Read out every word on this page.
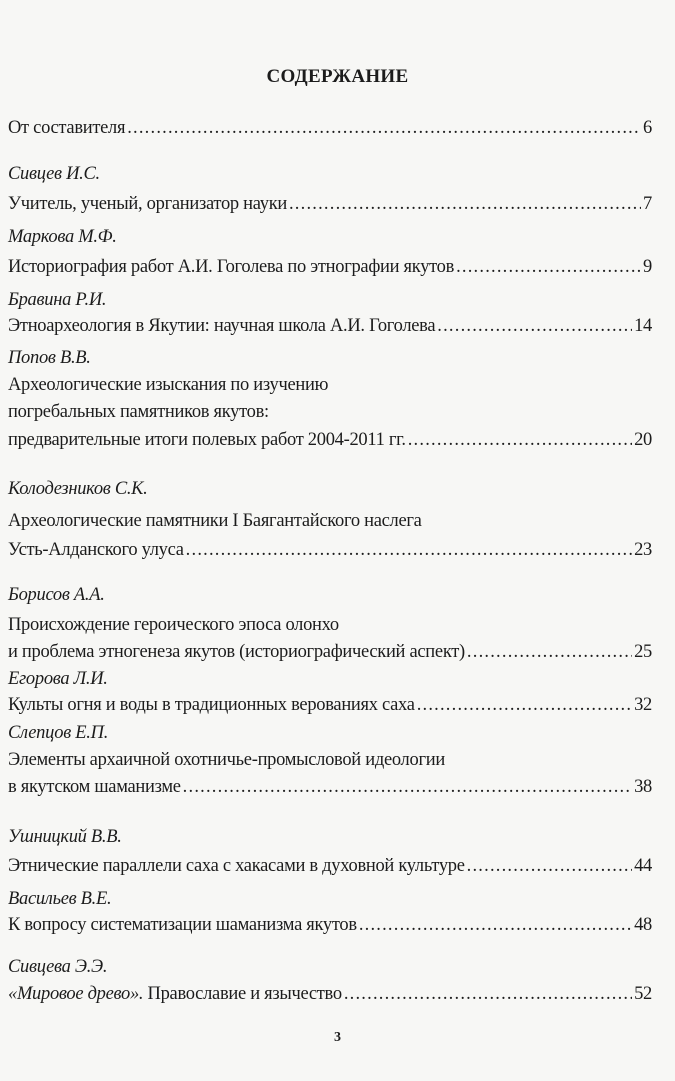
СОДЕРЖАНИЕ
От составителя .....	6
Сивцев И.С.
Учитель, ученый, организатор науки .....	7
Маркова М.Ф.
Историография работ А.И. Гоголева по этнографии якутов .....	9
Бравина Р.И.
Этноархеология в Якутии: научная школа А.И. Гоголева .....	14
Попов В.В.
Археологические изыскания по изучению
погребальных памятников якутов:
предварительные итоги полевых работ 2004-2011 гг. .....	20
Колодезников С.К.
Археологические памятники I Баягантайского наслега
Усть-Алданского улуса .....	23
Борисов А.А.
Происхождение героического эпоса олонхо
и проблема этногенеза якутов (историографический аспект) .....	25
Егорова Л.И.
Культы огня и воды в традиционных верованиях саха .....	32
Слепцов Е.П.
Элементы архаичной охотничье-промысловой идеологии
в якутском шаманизме .....	38
Ушницкий В.В.
Этнические параллели саха с хакасами в духовной культуре .....	44
Васильев В.Е.
К вопросу систематизации шаманизма якутов .....	48
Сивцева Э.Э.
«Мировое древо». Православие и язычество .....	52
3
